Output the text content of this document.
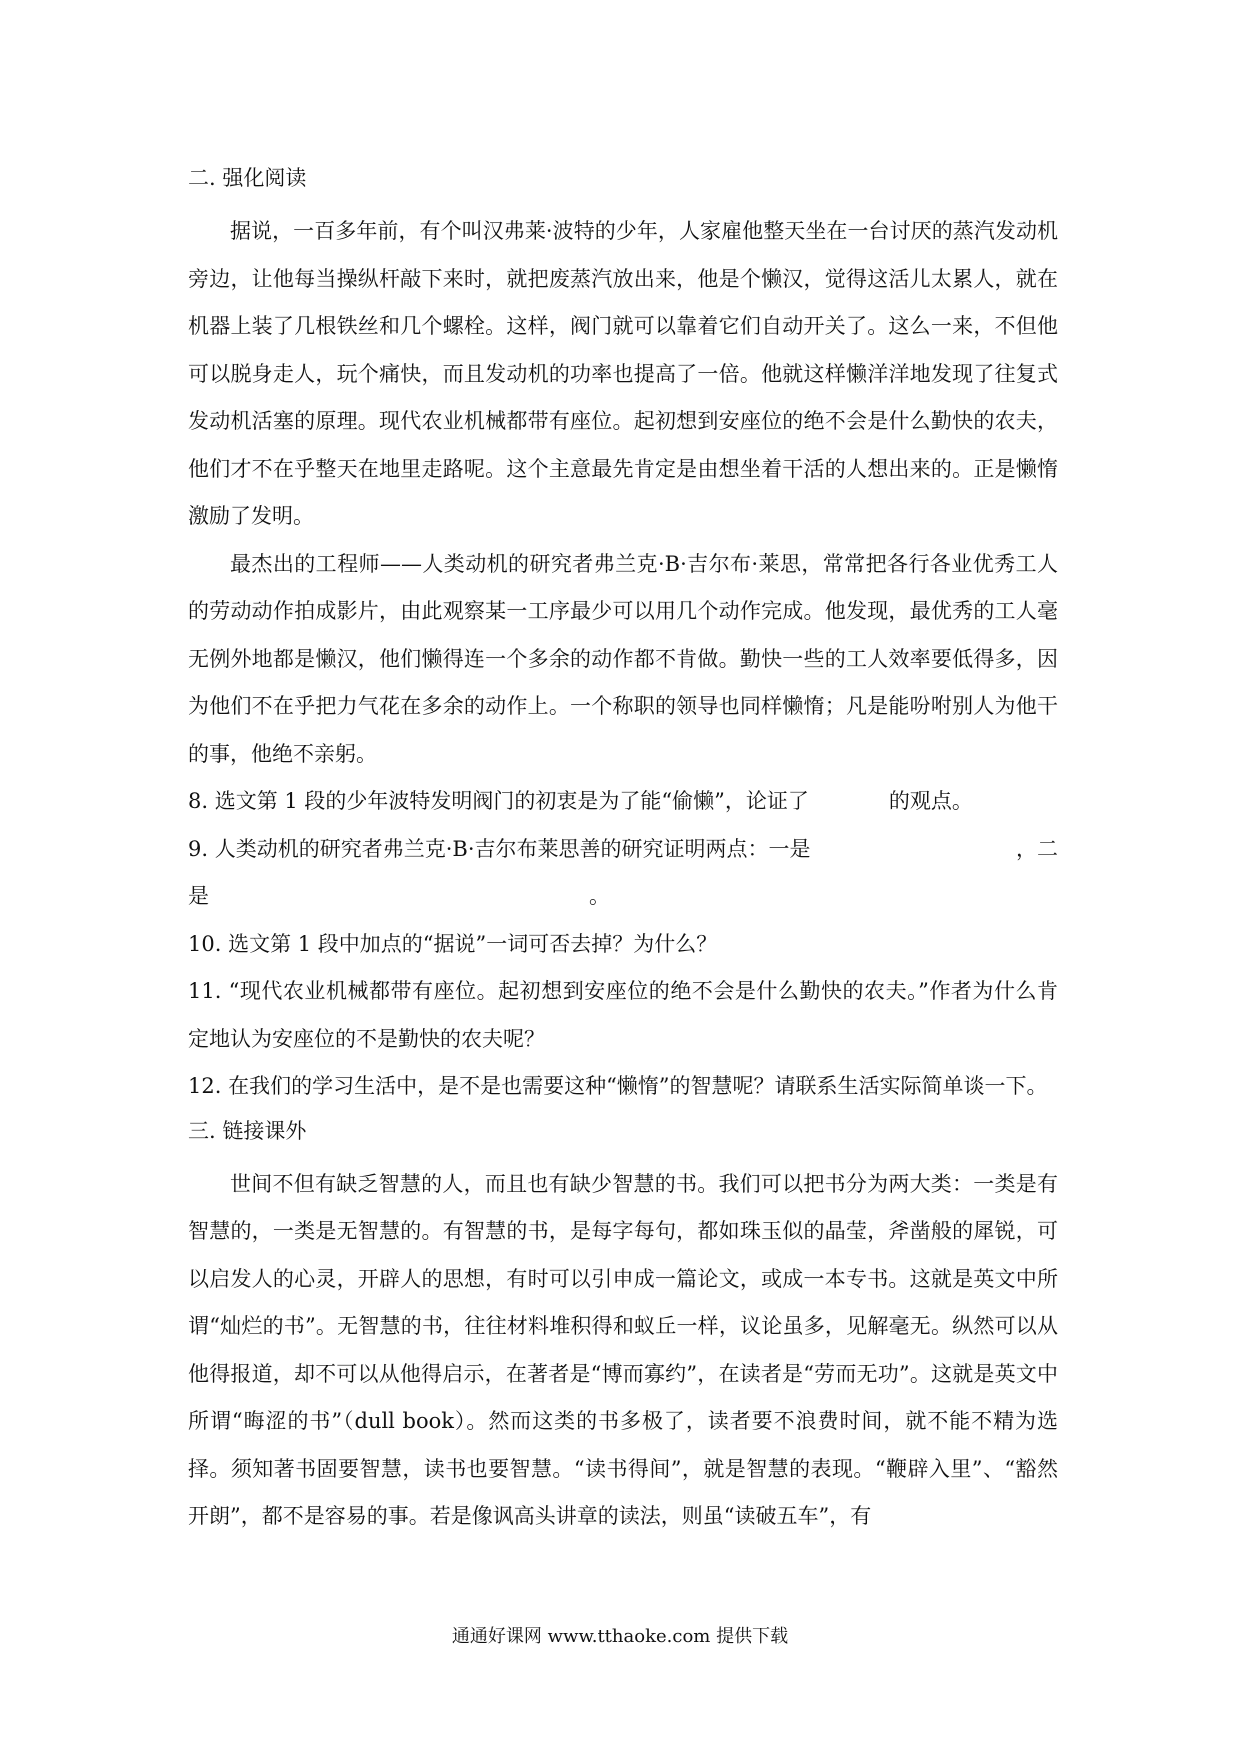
二. 强化阅读

据说，一百多年前，有个叫汉弗莱·波特的少年，人家雇他整天坐在一台讨厌的蒸汽发动机旁边，让他每当操纵杆敲下来时，就把废蒸汽放出来，他是个懒汉，觉得这活儿太累人，就在机器上装了几根铁丝和几个螺栓。这样，阀门就可以靠着它们自动开关了。这么一来，不但他可以脱身走人，玩个痛快，而且发动机的功率也提高了一倍。他就这样懒洋洋地发现了往复式发动机活塞的原理。现代农业机械都带有座位。起初想到安座位的绝不会是什么勤快的农夫，他们才不在乎整天在地里走路呢。这个主意最先肯定是由想坐着干活的人想出来的。正是懒惰激励了发明。

最杰出的工程师——人类动机的研究者弗兰克·B·吉尔布·莱思，常常把各行各业优秀工人的劳动动作拍成影片，由此观察某一工序最少可以用几个动作完成。他发现，最优秀的工人毫无例外地都是懒汉，他们懒得连一个多余的动作都不肯做。勤快一些的工人效率要低得多，因为他们不在乎把力气花在多余的动作上。一个称职的领导也同样懒惰；凡是能吩咐别人为他干的事，他绝不亲躬。

8. 选文第 1 段的少年波特发明阀门的初衷是为了能“偷懒”，论证了	的观点。

9. 人类动机的研究者弗兰克·B·吉尔布莱思善的研究证明两点：一是	，二
是	。

10. 选文第 1 段中加点的“据说”一词可否去掉？为什么？

11. “现代农业机械都带有座位。起初想到安座位的绝不会是什么勤快的农夫。”作者为什么肯定地认为安座位的不是勤快的农夫呢？

12. 在我们的学习生活中，是不是也需要这种“懒惰”的智慧呢？请联系生活实际简单谈一下。

三. 链接课外

世间不但有缺乏智慧的人，而且也有缺少智慧的书。我们可以把书分为两大类：一类是有智慧的，一类是无智慧的。有智慧的书，是每字每句，都如珠玉似的晶莹，斧凿般的犀锐，可以启发人的心灵，开辟人的思想，有时可以引申成一篇论文，或成一本专书。这就是英文中所谓“灿烂的书”。无智慧的书，往往材料堆积得和蚁丘一样，议论虽多，见解毫无。纵然可以从他得报道，却不可以从他得启示，在著者是“博而寡约”，在读者是“劳而无功”。这就是英文中所谓“晦涩的书”（dull book）。然而这类的书多极了，读者要不浪费时间，就不能不精为选择。须知著书固要智慧，读书也要智慧。“读书得间”，就是智慧的表现。“鞭辟入里”、“豁然开朗”，都不是容易的事。若是像讽高头讲章的读法，则虽“读破五车”，有

通通好课网 www.tthaoke.com 提供下载
